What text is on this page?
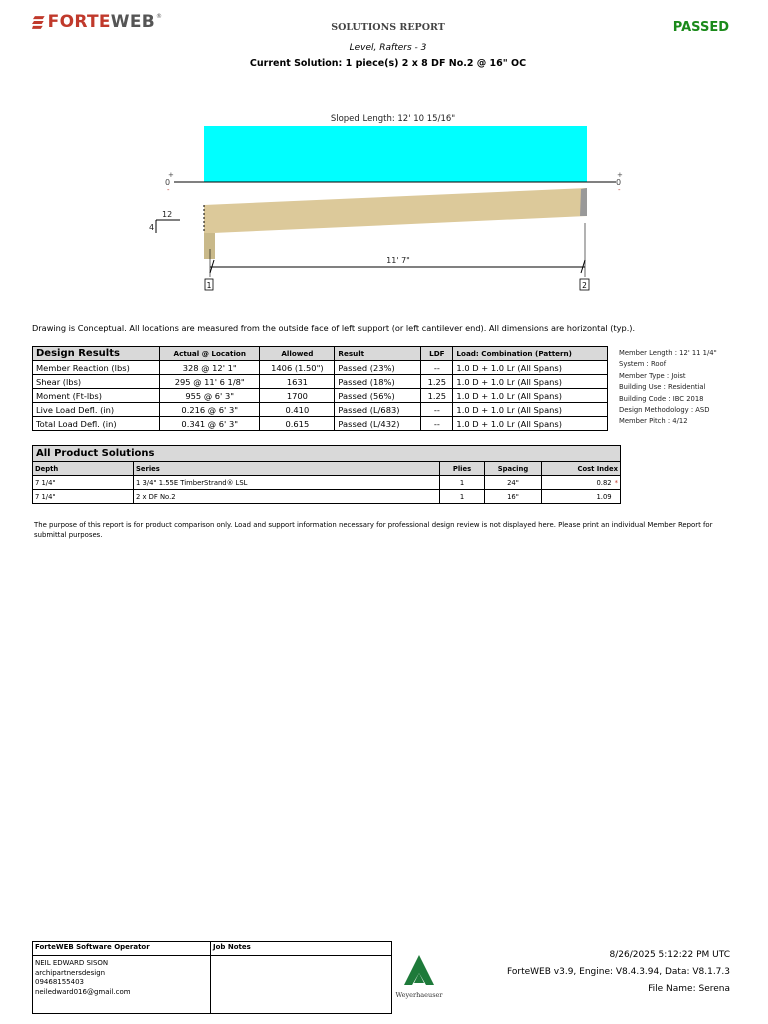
FORTE WEB ®
SOLUTIONS REPORT	PASSED
Level, Rafters - 3
Current Solution: 1 piece(s) 2 x 8 DF No.2 @ 16" OC
Sloped Length: 12' 10 15/16"
+
0
-
+
0
-
12
4
11' 7"
1	2
Drawing is Conceptual. All locations are measured from the outside face of left support (or left cantilever end). All dimensions are horizontal (typ.).
Design Results	Actual @ Location	Allowed	Result	LDF	Load: Combination (Pattern)
Member Reaction (lbs)	328 @ 12' 1"	1406 (1.50")	Passed (23%)	--	1.0 D + 1.0 Lr (All Spans)
Shear (lbs)	295 @ 11' 6 1/8"	1631	Passed (18%)	1.25	1.0 D + 1.0 Lr (All Spans)
Moment (Ft-lbs)	955 @ 6' 3"	1700	Passed (56%)	1.25	1.0 D + 1.0 Lr (All Spans)
Live Load Defl. (in)	0.216 @ 6' 3"	0.410	Passed (L/683)	--	1.0 D + 1.0 Lr (All Spans)
Total Load Defl. (in)	0.341 @ 6' 3"	0.615	Passed (L/432)	--	1.0 D + 1.0 Lr (All Spans)
Member Length : 12' 11 1/4"
System : Roof
Member Type : Joist
Building Use : Residential
Building Code : IBC 2018
Design Methodology : ASD
Member Pitch : 4/12
All Product Solutions				
Depth	Series	Plies	Spacing	Cost Index
7 1/4"	1 3/4" 1.55E TimberStrand® LSL	1	24"	0.82 *
7 1/4"	2 x DF No.2	1	16"	1.09
The purpose of this report is for product comparison only. Load and support information necessary for professional design review is not displayed here. Please print an individual Member Report for submittal purposes.
ForteWEB Software Operator
NEIL EDWARD SISON
archipartnersdesign
09468155403
neiledward016@gmail.com
Job Notes
Weyerhaeuser
8/26/2025 5:12:22 PM UTC
ForteWEB v3.9, Engine: V8.4.3.94, Data: V8.1.7.3
File Name: Serena
